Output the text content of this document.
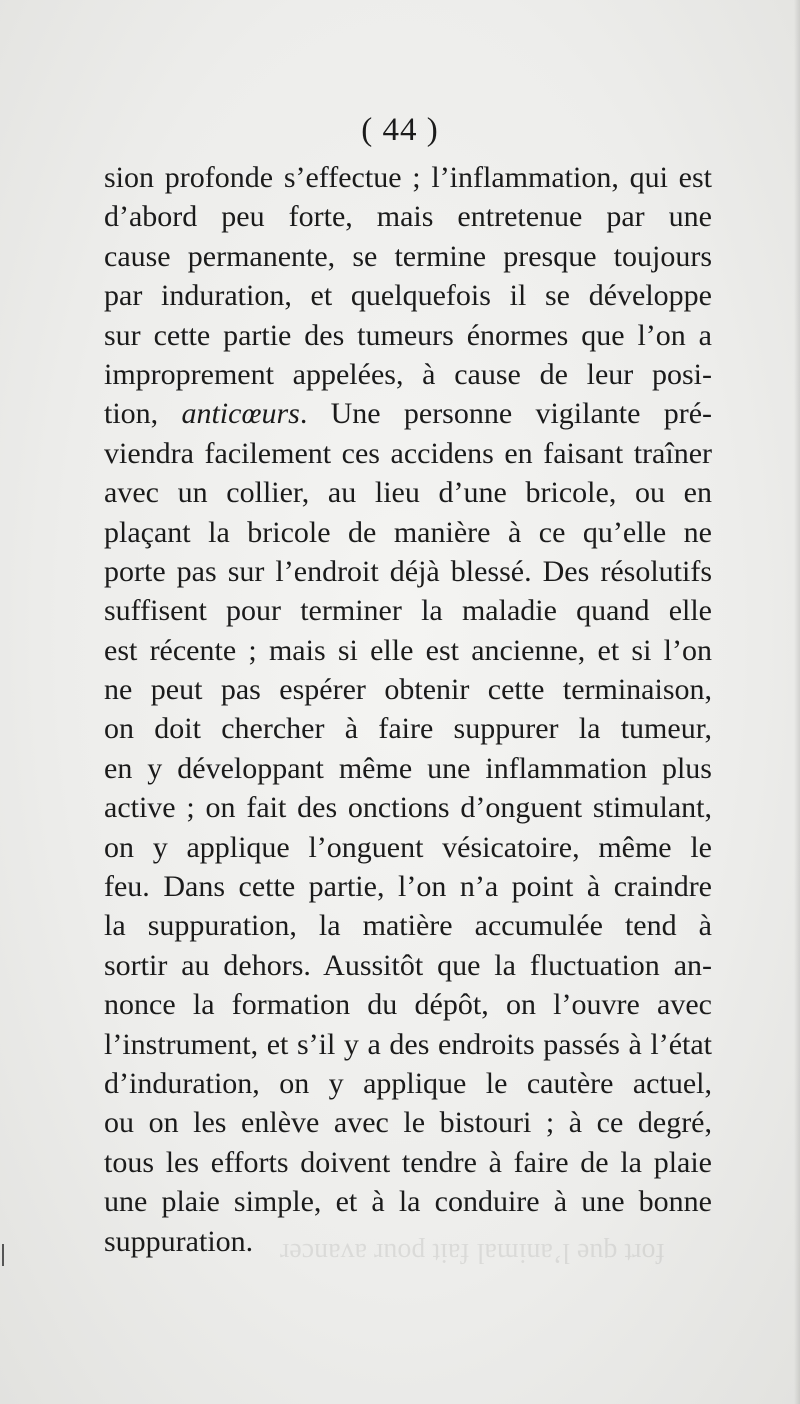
( 44 )
sion profonde s’effectue ; l’inflammation, qui est
d’abord peu forte, mais entretenue par une
cause permanente, se termine presque toujours
par induration, et quelquefois il se développe
sur cette partie des tumeurs énormes que l’on a
improprement appelées, à cause de leur posi-
tion, anticœurs. Une personne vigilante pré-
viendra facilement ces accidens en faisant traîner
avec un collier, au lieu d’une bricole, ou en
plaçant la bricole de manière à ce qu’elle ne
porte pas sur l’endroit déjà blessé. Des résolutifs
suffisent pour terminer la maladie quand elle
est récente ; mais si elle est ancienne, et si l’on
ne peut pas espérer obtenir cette terminaison,
on doit chercher à faire suppurer la tumeur,
en y développant même une inflammation plus
active ; on fait des onctions d’onguent stimulant,
on y applique l’onguent vésicatoire, même le
feu. Dans cette partie, l’on n’a point à craindre
la suppuration, la matière accumulée tend à
sortir au dehors. Aussitôt que la fluctuation an-
nonce la formation du dépôt, on l’ouvre avec
l’instrument, et s’il y a des endroits passés à l’état
d’induration, on y applique le cautère actuel,
ou on les enlève avec le bistouri ; à ce degré,
tous les efforts doivent tendre à faire de la plaie
une plaie simple, et à la conduire à une bonne
suppuration. fort que l’animal fait pour avancer
